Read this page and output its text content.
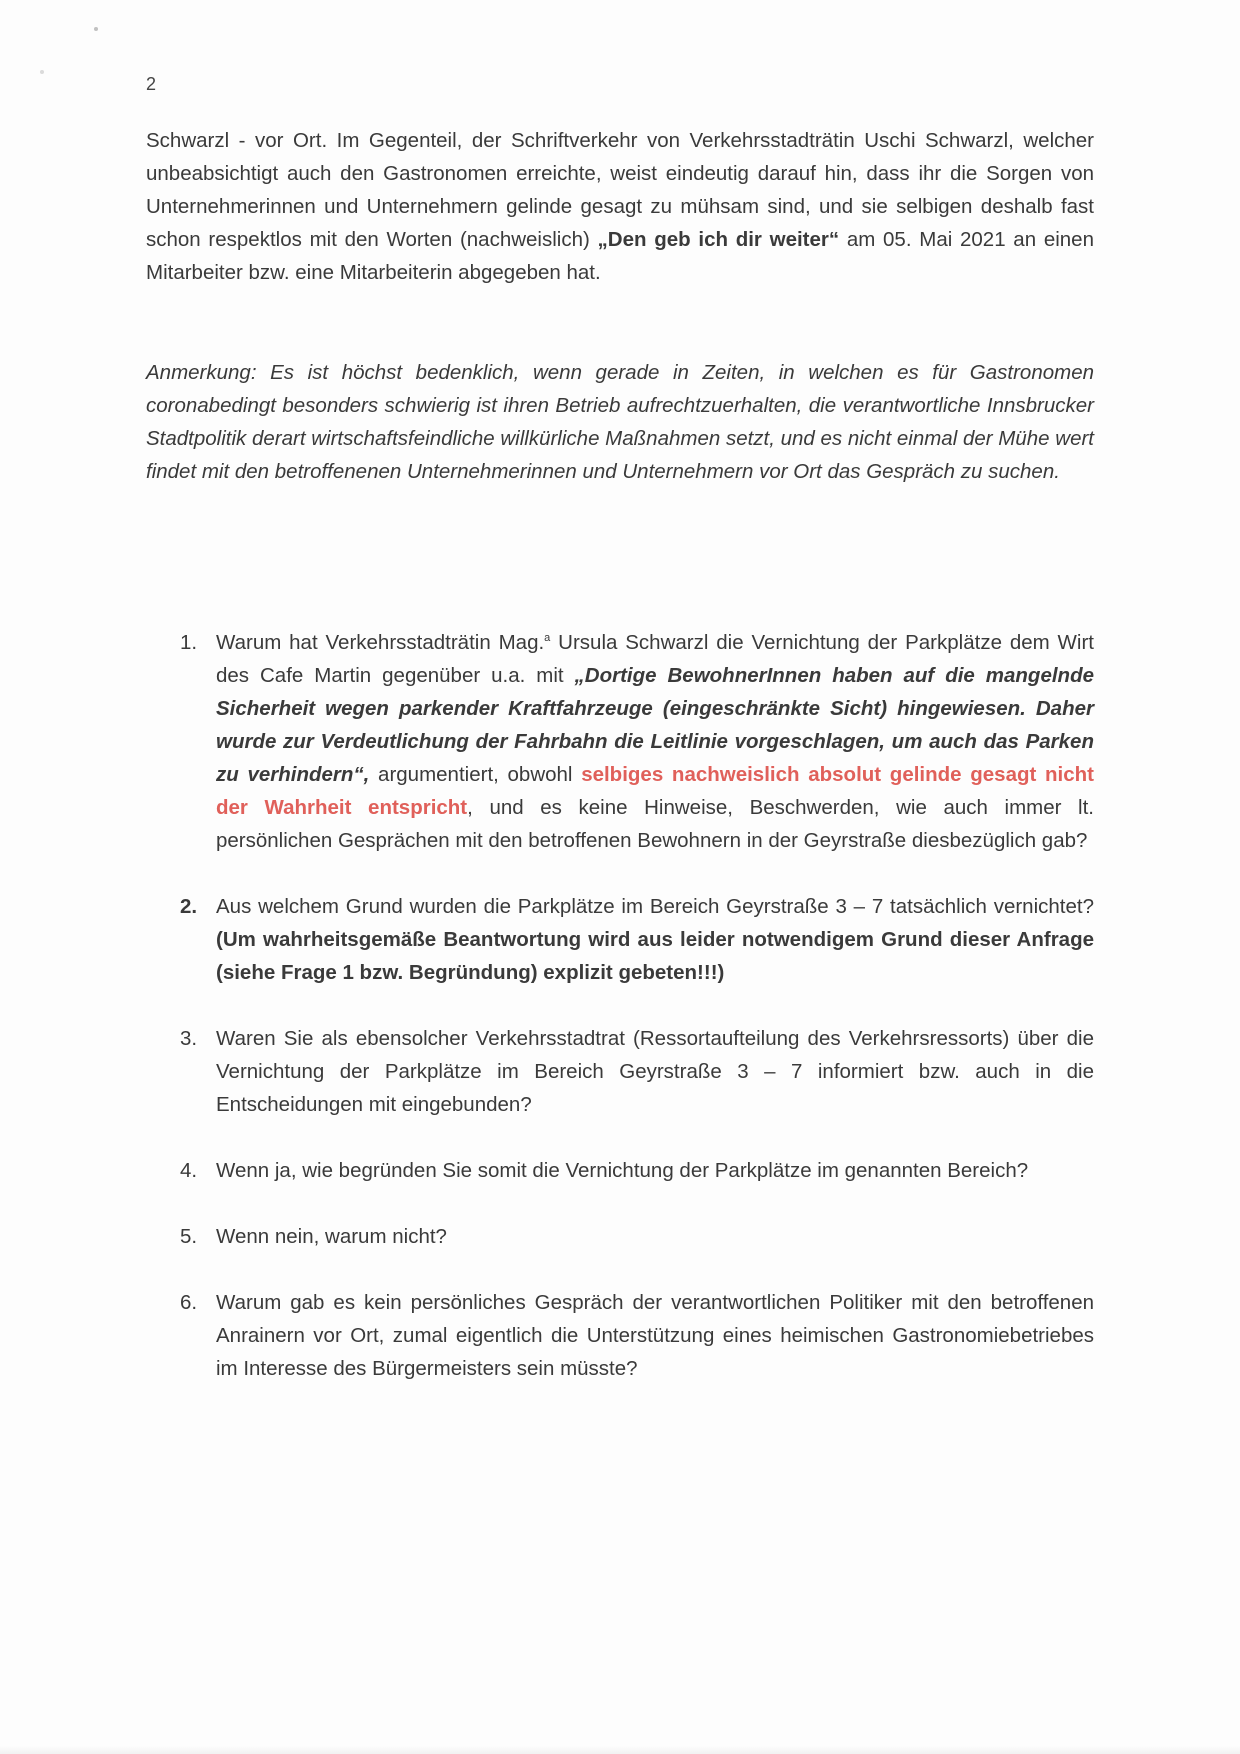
2

Schwarzl - vor Ort. Im Gegenteil, der Schriftverkehr von Verkehrsstadträtin Uschi Schwarzl, welcher unbeabsichtigt auch den Gastronomen erreichte, weist eindeutig darauf hin, dass ihr die Sorgen von Unternehmerinnen und Unternehmern gelinde gesagt zu mühsam sind, und sie selbigen deshalb fast schon respektlos mit den Worten (nachweislich) „Den geb ich dir weiter“ am 05. Mai 2021 an einen Mitarbeiter bzw. eine Mitarbeiterin abgegeben hat.

Anmerkung: Es ist höchst bedenklich, wenn gerade in Zeiten, in welchen es für Gastronomen coronabedingt besonders schwierig ist ihren Betrieb aufrechtzuerhalten, die verantwortliche Innsbrucker Stadtpolitik derart wirtschaftsfeindliche willkürliche Maßnahmen setzt, und es nicht einmal der Mühe wert findet mit den betroffenenen Unternehmerinnen und Unternehmern vor Ort das Gespräch zu suchen.

1. Warum hat Verkehrsstadträtin Mag.$^a$ Ursula Schwarzl die Vernichtung der Parkplätze dem Wirt des Cafe Martin gegenüber u.a. mit „Dortige BewohnerInnen haben auf die mangelnde Sicherheit wegen parkender Kraftfahrzeuge (eingeschränkte Sicht) hingewiesen. Daher wurde zur Verdeutlichung der Fahrbahn die Leitlinie vorgeschlagen, um auch das Parken zu verhindern“, argumentiert, obwohl selbiges nachweislich absolut gelinde gesagt nicht der Wahrheit entspricht, und es keine Hinweise, Beschwerden, wie auch immer lt. persönlichen Gesprächen mit den betroffenen Bewohnern in der Geyrstraße diesbezüglich gab?
2. Aus welchem Grund wurden die Parkplätze im Bereich Geyrstraße 3 – 7 tatsächlich vernichtet? (Um wahrheitsgemäße Beantwortung wird aus leider notwendigem Grund dieser Anfrage (siehe Frage 1 bzw. Begründung) explizit gebeten!!!)
3. Waren Sie als ebensolcher Verkehrsstadtrat (Ressortaufteilung des Verkehrsressorts) über die Vernichtung der Parkplätze im Bereich Geyrstraße 3 – 7 informiert bzw. auch in die Entscheidungen mit eingebunden?
4. Wenn ja, wie begründen Sie somit die Vernichtung der Parkplätze im genannten Bereich?
5. Wenn nein, warum nicht?
6. Warum gab es kein persönliches Gespräch der verantwortlichen Politiker mit den betroffenen Anrainern vor Ort, zumal eigentlich die Unterstützung eines heimischen Gastronomiebetriebes im Interesse des Bürgermeisters sein müsste?
